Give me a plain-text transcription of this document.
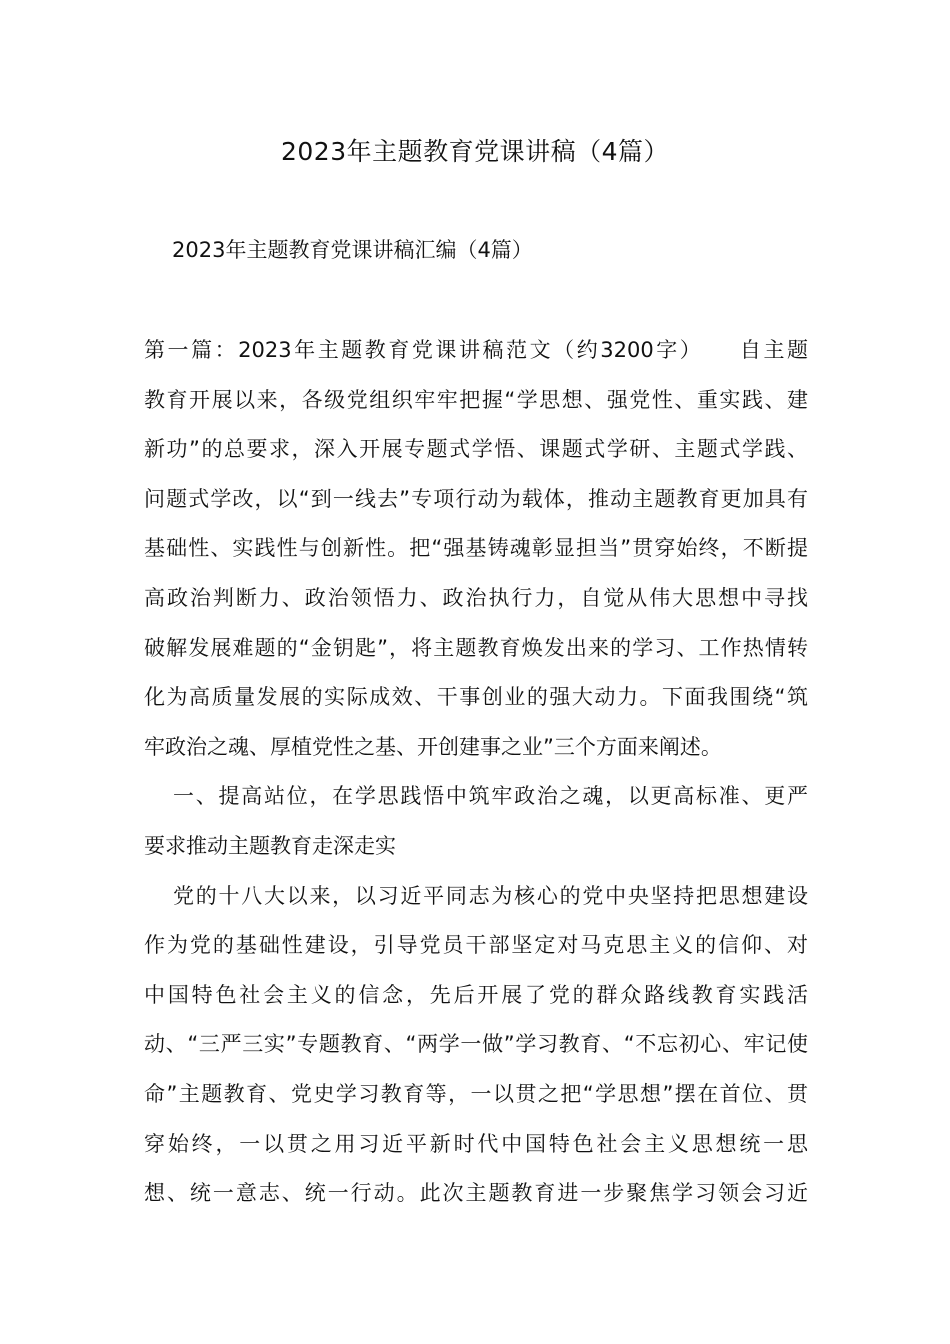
2023年主题教育党课讲稿（4篇）
2023年主题教育党课讲稿汇编（4篇）
第一篇：2023年主题教育党课讲稿范文（约3200字）　　自主题
教育开展以来，各级党组织牢牢把握“学思想、强党性、重实践、建
新功”的总要求，深入开展专题式学悟、课题式学研、主题式学践、
问题式学改，以“到一线去”专项行动为载体，推动主题教育更加具有
基础性、实践性与创新性。把“强基铸魂彰显担当”贯穿始终，不断提
高政治判断力、政治领悟力、政治执行力，自觉从伟大思想中寻找
破解发展难题的“金钥匙”，将主题教育焕发出来的学习、工作热情转
化为高质量发展的实际成效、干事创业的强大动力。下面我围绕“筑
牢政治之魂、厚植党性之基、开创建事之业”三个方面来阐述。
一、提高站位，在学思践悟中筑牢政治之魂，以更高标准、更严
要求推动主题教育走深走实
党的十八大以来，以习近平同志为核心的党中央坚持把思想建设
作为党的基础性建设，引导党员干部坚定对马克思主义的信仰、对
中国特色社会主义的信念，先后开展了党的群众路线教育实践活
动、“三严三实”专题教育、“两学一做”学习教育、“不忘初心、牢记使
命”主题教育、党史学习教育等，一以贯之把“学思想”摆在首位、贯
穿始终，一以贯之用习近平新时代中国特色社会主义思想统一思
想、统一意志、统一行动。此次主题教育进一步聚焦学习领会习近
